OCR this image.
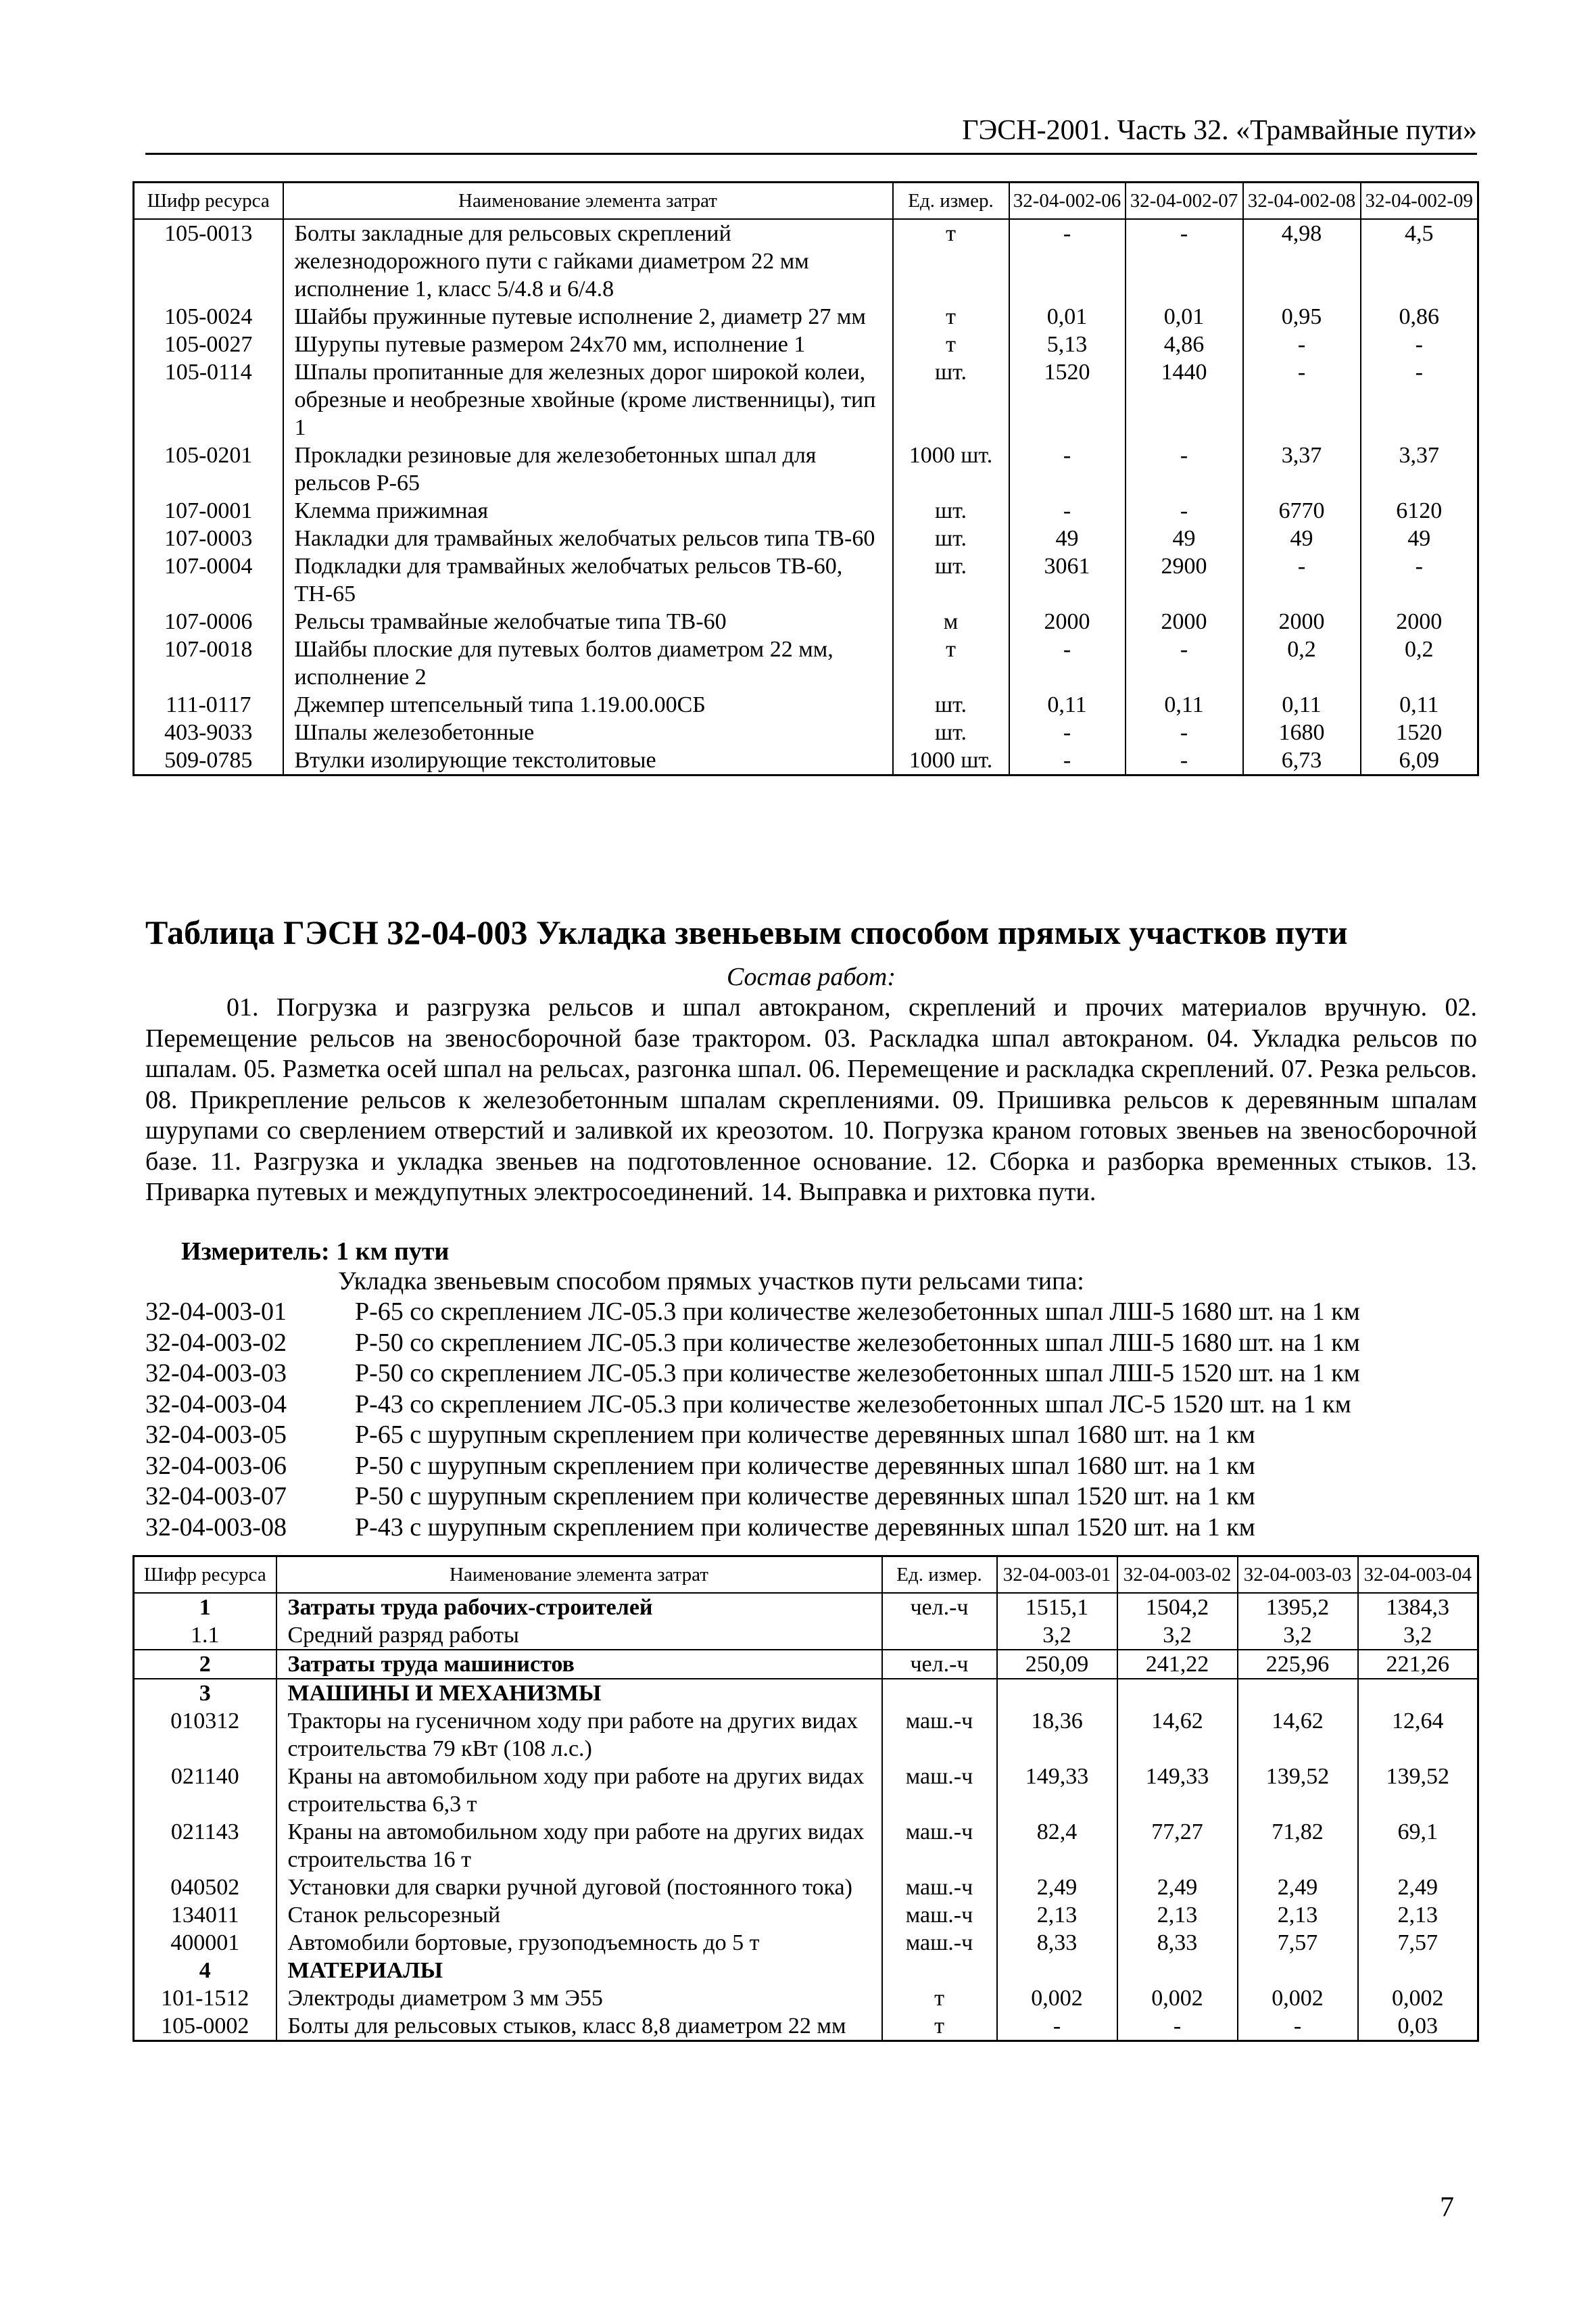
ГЭСН-2001. Часть 32. «Трамвайные пути»
Шифр ресурса	Наименование элемента затрат	Ед. измер.	32-04-002-06	32-04-002-07	32-04-002-08	32-04-002-09
105-0013	Болты закладные для рельсовых скреплений железнодорожного пути с гайками диаметром 22 мм исполнение 1, класс 5/4.8 и 6/4.8	т	-	-	4,98	4,5
105-0024	Шайбы пружинные путевые исполнение 2, диаметр 27 мм	т	0,01	0,01	0,95	0,86
105-0027	Шурупы путевые размером 24х70 мм, исполнение 1	т	5,13	4,86	-	-
105-0114	Шпалы пропитанные для железных дорог широкой колеи, обрезные и необрезные хвойные (кроме лиственницы), тип 1	шт.	1520	1440	-	-
105-0201	Прокладки резиновые для железобетонных шпал для рельсов Р-65	1000 шт.	-	-	3,37	3,37
107-0001	Клемма прижимная	шт.	-	-	6770	6120
107-0003	Накладки для трамвайных желобчатых рельсов типа ТВ-60	шт.	49	49	49	49
107-0004	Подкладки для трамвайных желобчатых рельсов ТВ-60, ТН-65	шт.	3061	2900	-	-
107-0006	Рельсы трамвайные желобчатые типа ТВ-60	м	2000	2000	2000	2000
107-0018	Шайбы плоские для путевых болтов диаметром 22 мм, исполнение 2	т	-	-	0,2	0,2
111-0117	Джемпер штепсельный типа 1.19.00.00СБ	шт.	0,11	0,11	0,11	0,11
403-9033	Шпалы железобетонные	шт.	-	-	1680	1520
509-0785	Втулки изолирующие текстолитовые	1000 шт.	-	-	6,73	6,09
Таблица ГЭСН 32-04-003 Укладка звеньевым способом прямых участков пути
Состав работ:
01. Погрузка и разгрузка рельсов и шпал автокраном, скреплений и прочих материалов вручную. 02. Перемещение рельсов на звеносборочной базе трактором. 03. Раскладка шпал автокраном. 04. Укладка рельсов по шпалам. 05. Разметка осей шпал на рельсах, разгонка шпал. 06. Перемещение и раскладка скреплений. 07. Резка рельсов. 08. Прикрепление рельсов к железобетонным шпалам скреплениями. 09. Пришивка рельсов к деревянным шпалам шурупами со сверлением отверстий и заливкой их креозотом. 10. Погрузка краном готовых звеньев на звеносборочной базе. 11. Разгрузка и укладка звеньев на подготовленное основание. 12. Сборка и разборка временных стыков. 13. Приварка путевых и междупутных электросоединений. 14. Выправка и рихтовка пути.
Измеритель: 1 км пути
Укладка звеньевым способом прямых участков пути рельсами типа:
32-04-003-01	Р-65 со скреплением ЛС-05.3 при количестве железобетонных шпал ЛШ-5 1680 шт. на 1 км
32-04-003-02	Р-50 со скреплением ЛС-05.3 при количестве железобетонных шпал ЛШ-5 1680 шт. на 1 км
32-04-003-03	Р-50 со скреплением ЛС-05.3 при количестве железобетонных шпал ЛШ-5 1520 шт. на 1 км
32-04-003-04	Р-43 со скреплением ЛС-05.3 при количестве железобетонных шпал ЛС-5 1520 шт. на 1 км
32-04-003-05	Р-65 с шурупным скреплением при количестве деревянных шпал 1680 шт. на 1 км
32-04-003-06	Р-50 с шурупным скреплением при количестве деревянных шпал 1680 шт. на 1 км
32-04-003-07	Р-50 с шурупным скреплением при количестве деревянных шпал 1520 шт. на 1 км
32-04-003-08	Р-43 с шурупным скреплением при количестве деревянных шпал 1520 шт. на 1 км
Шифр ресурса	Наименование элемента затрат	Ед. измер.	32-04-003-01	32-04-003-02	32-04-003-03	32-04-003-04
1	Затраты труда рабочих-строителей	чел.-ч	1515,1	1504,2	1395,2	1384,3
1.1	Средний разряд работы		3,2	3,2	3,2	3,2
2	Затраты труда машинистов	чел.-ч	250,09	241,22	225,96	221,26
3	МАШИНЫ И МЕХАНИЗМЫ					
010312	Тракторы на гусеничном ходу при работе на других видах строительства 79 кВт (108 л.с.)	маш.-ч	18,36	14,62	14,62	12,64
021140	Краны на автомобильном ходу при работе на других видах строительства 6,3 т	маш.-ч	149,33	149,33	139,52	139,52
021143	Краны на автомобильном ходу при работе на других видах строительства 16 т	маш.-ч	82,4	77,27	71,82	69,1
040502	Установки для сварки ручной дуговой (постоянного тока)	маш.-ч	2,49	2,49	2,49	2,49
134011	Станок рельсорезный	маш.-ч	2,13	2,13	2,13	2,13
400001	Автомобили бортовые, грузоподъемность до 5 т	маш.-ч	8,33	8,33	7,57	7,57
4	МАТЕРИАЛЫ					
101-1512	Электроды диаметром 3 мм Э55	т	0,002	0,002	0,002	0,002
105-0002	Болты для рельсовых стыков, класс 8,8 диаметром 22 мм	т	-	-	-	0,03
7
